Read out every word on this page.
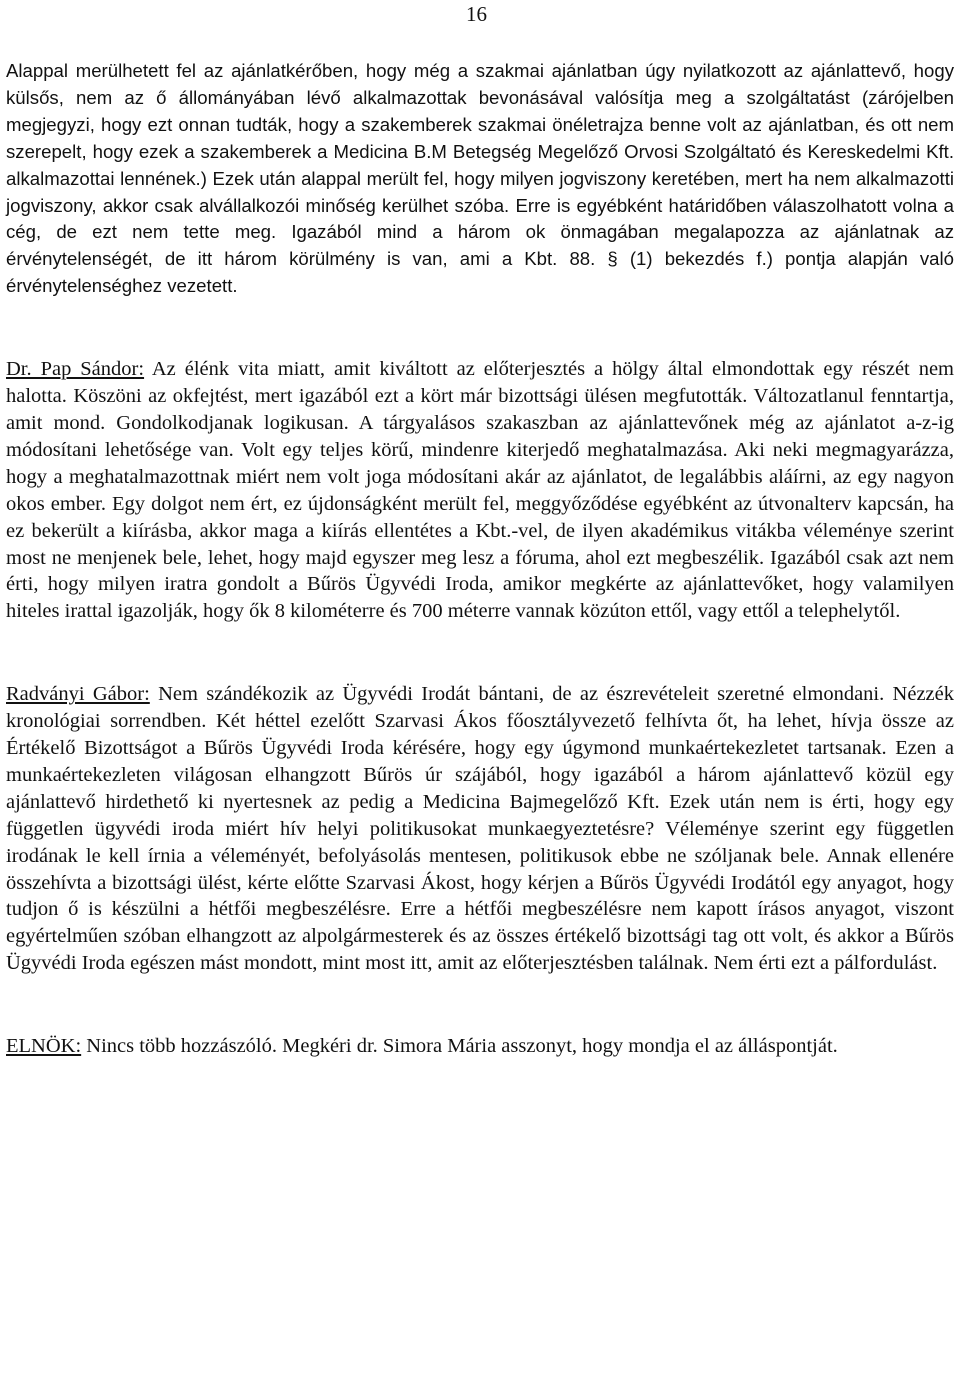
16

Alappal merülhetett fel az ajánlatkérőben, hogy még a szakmai ajánlatban úgy nyilatkozott az ajánlattevő, hogy külsős, nem az ő állományában lévő alkalmazottak bevonásával valósítja meg a szolgáltatást (zárójelben megjegyzi, hogy ezt onnan tudták, hogy a szakemberek szakmai önéletrajza benne volt az ajánlatban, és ott nem szerepelt, hogy ezek a szakemberek a Medicina B.M Betegség Megelőző Orvosi Szolgáltató és Kereskedelmi Kft. alkalmazottai lennének.) Ezek után alappal merült fel, hogy milyen jogviszony keretében, mert ha nem alkalmazotti jogviszony, akkor csak alvállalkozói minőség kerülhet szóba. Erre is egyébként határidőben válaszolhatott volna a cég, de ezt nem tette meg. Igazából mind a három ok önmagában megalapozza az ajánlatnak az érvénytelenségét, de itt három körülmény is van, ami a Kbt. 88. § (1) bekezdés f.) pontja alapján való érvénytelenséghez vezetett.

Dr. Pap Sándor: Az élénk vita miatt, amit kiváltott az előterjesztés a hölgy által elmondottak egy részét nem halotta. Köszöni az okfejtést, mert igazából ezt a kört már bizottsági ülésen megfutották. Változatlanul fenntartja, amit mond. Gondolkodjanak logikusan. A tárgyalásos szakaszban az ajánlattevőnek még az ajánlatot a-z-ig módosítani lehetősége van. Volt egy teljes körű, mindenre kiterjedő meghatalmazása. Aki neki megmagyarázza, hogy a meghatalmazottnak miért nem volt joga módosítani akár az ajánlatot, de legalábbis aláírni, az egy nagyon okos ember. Egy dolgot nem ért, ez újdonságként merült fel, meggyőződése egyébként az útvonalterv kapcsán, ha ez bekerült a kiírásba, akkor maga a kiírás ellentétes a Kbt.-vel, de ilyen akadémikus vitákba véleménye szerint most ne menjenek bele, lehet, hogy majd egyszer meg lesz a fóruma, ahol ezt megbeszélik. Igazából csak azt nem érti, hogy milyen iratra gondolt a Bűrös Ügyvédi Iroda, amikor megkérte az ajánlattevőket, hogy valamilyen hiteles irattal igazolják, hogy ők 8 kilométerre és 700 méterre vannak közúton ettől, vagy ettől a telephelytől.

Radványi Gábor: Nem szándékozik az Ügyvédi Irodát bántani, de az észrevételeit szeretné elmondani. Nézzék kronológiai sorrendben. Két héttel ezelőtt Szarvasi Ákos főosztályvezető felhívta őt, ha lehet, hívja össze az Értékelő Bizottságot a Bűrös Ügyvédi Iroda kérésére, hogy egy úgymond munkaértekezletet tartsanak. Ezen a munkaértekezleten világosan elhangzott Bűrös úr szájából, hogy igazából a három ajánlattevő közül egy ajánlattevő hirdethető ki nyertesnek az pedig a Medicina Bajmegelőző Kft. Ezek után nem is érti, hogy egy független ügyvédi iroda miért hív helyi politikusokat munkaegyeztetésre? Véleménye szerint egy független irodának le kell írnia a véleményét, befolyásolás mentesen, politikusok ebbe ne szóljanak bele. Annak ellenére összehívta a bizottsági ülést, kérte előtte Szarvasi Ákost, hogy kérjen a Bűrös Ügyvédi Irodától egy anyagot, hogy tudjon ő is készülni a hétfői megbeszélésre. Erre a hétfői megbeszélésre nem kapott írásos anyagot, viszont egyértelműen szóban elhangzott az alpolgármesterek és az összes értékelő bizottsági tag ott volt, és akkor a Bűrös Ügyvédi Iroda egészen mást mondott, mint most itt, amit az előterjesztésben találnak. Nem érti ezt a pálfordulást.

ELNÖK: Nincs több hozzászóló. Megkéri dr. Simora Mária asszonyt, hogy mondja el az álláspontját.
